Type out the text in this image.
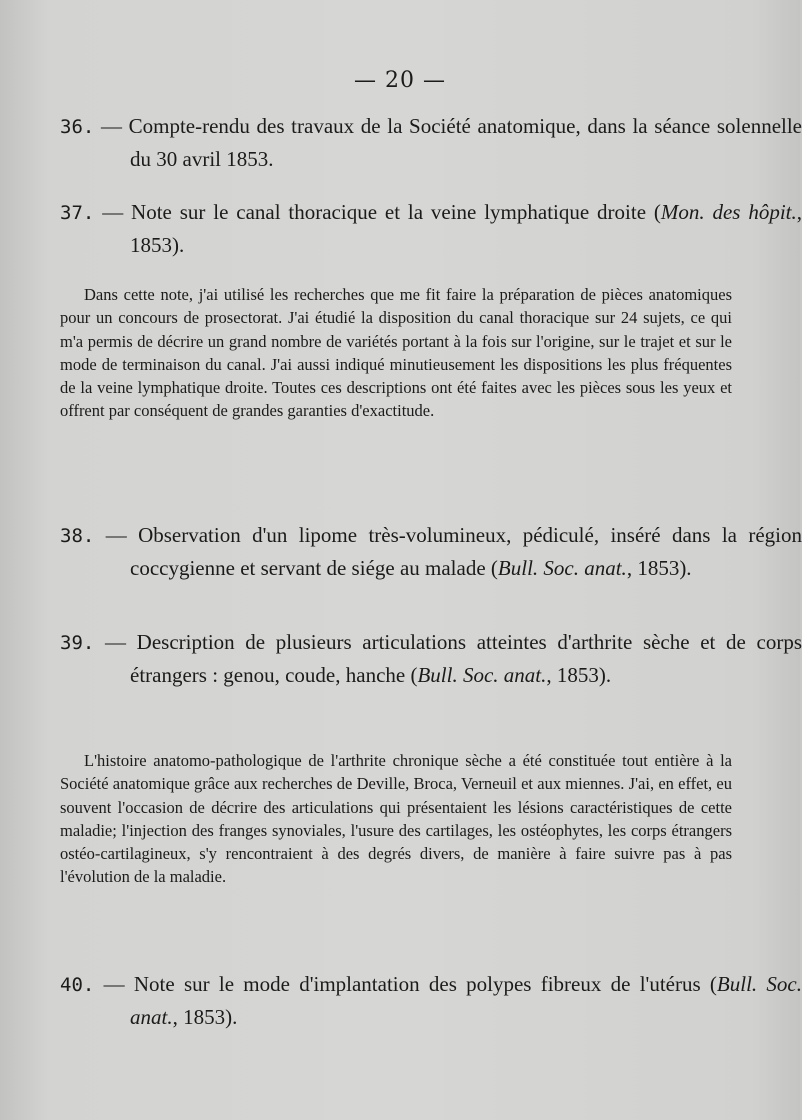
— 20 —
36. — Compte-rendu des travaux de la Société anatomique, dans la séance solennelle du 30 avril 1853.
37. — Note sur le canal thoracique et la veine lymphatique droite (Mon. des hôpit., 1853).
Dans cette note, j'ai utilisé les recherches que me fit faire la préparation de pièces anatomiques pour un concours de prosectorat. J'ai étudié la disposition du canal thoracique sur 24 sujets, ce qui m'a permis de décrire un grand nombre de variétés portant à la fois sur l'origine, sur le trajet et sur le mode de terminaison du canal. J'ai aussi indiqué minutieusement les dispositions les plus fréquentes de la veine lymphatique droite. Toutes ces descriptions ont été faites avec les pièces sous les yeux et offrent par conséquent de grandes garanties d'exactitude.
38. — Observation d'un lipome très-volumineux, pédiculé, inséré dans la région coccygienne et servant de siége au malade (Bull. Soc. anat., 1853).
39. — Description de plusieurs articulations atteintes d'arthrite sèche et de corps étrangers : genou, coude, hanche (Bull. Soc. anat., 1853).
L'histoire anatomo-pathologique de l'arthrite chronique sèche a été constituée tout entière à la Société anatomique grâce aux recherches de Deville, Broca, Verneuil et aux miennes. J'ai, en effet, eu souvent l'occasion de décrire des articulations qui présentaient les lésions caractéristiques de cette maladie; l'injection des franges synoviales, l'usure des cartilages, les ostéophytes, les corps étrangers ostéo-cartilagineux, s'y rencontraient à des degrés divers, de manière à faire suivre pas à pas l'évolution de la maladie.
40. — Note sur le mode d'implantation des polypes fibreux de l'utérus (Bull. Soc. anat., 1853).
